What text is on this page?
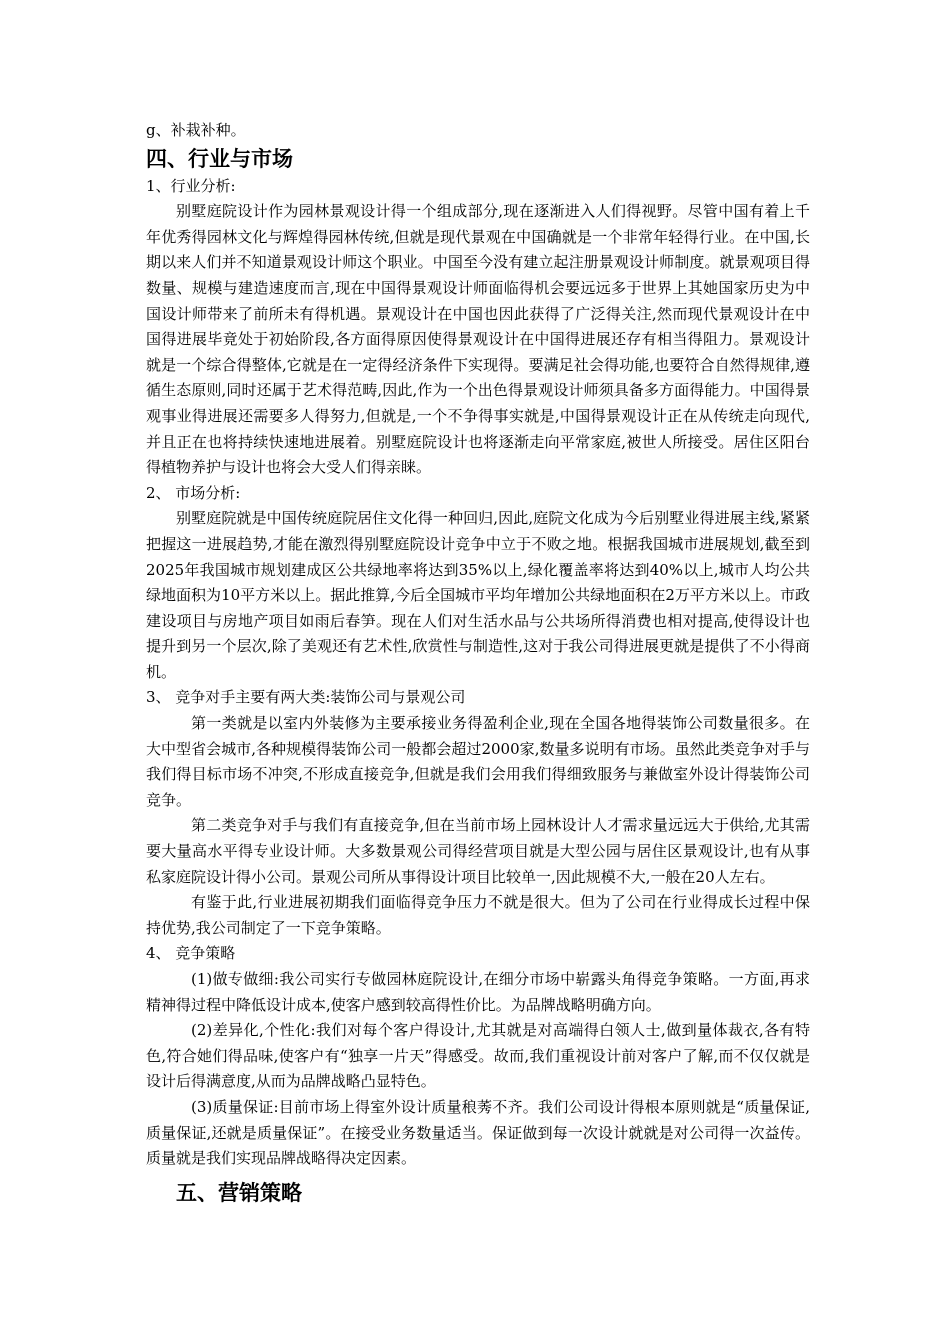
g、补栽补种。

四、行业与市场

1、行业分析:

别墅庭院设计作为园林景观设计得一个组成部分,现在逐渐进入人们得视野。尽管中国有着上千年优秀得园林文化与辉煌得园林传统,但就是现代景观在中国确就是一个非常年轻得行业。在中国,长期以来人们并不知道景观设计师这个职业。中国至今没有建立起注册景观设计师制度。就景观项目得数量、规模与建造速度而言,现在中国得景观设计师面临得机会要远远多于世界上其她国家历史为中国设计师带来了前所未有得机遇。景观设计在中国也因此获得了广泛得关注,然而现代景观设计在中国得进展毕竟处于初始阶段,各方面得原因使得景观设计在中国得进展还存有相当得阻力。景观设计就是一个综合得整体,它就是在一定得经济条件下实现得。要满足社会得功能,也要符合自然得规律,遵循生态原则,同时还属于艺术得范畴,因此,作为一个出色得景观设计师须具备多方面得能力。中国得景观事业得进展还需要多人得努力,但就是,一个不争得事实就是,中国得景观设计正在从传统走向现代,并且正在也将持续快速地进展着。别墅庭院设计也将逐渐走向平常家庭,被世人所接受。居住区阳台得植物养护与设计也将会大受人们得亲睐。

2、 市场分析:

别墅庭院就是中国传统庭院居住文化得一种回归,因此,庭院文化成为今后别墅业得进展主线,紧紧把握这一进展趋势,才能在激烈得别墅庭院设计竞争中立于不败之地。根据我国城市进展规划,截至到2025年我国城市规划建成区公共绿地率将达到35%以上,绿化覆盖率将达到40%以上,城市人均公共绿地面积为10平方米以上。据此推算,今后全国城市平均年增加公共绿地面积在2万平方米以上。市政建设项目与房地产项目如雨后春笋。现在人们对生活水品与公共场所得消费也相对提高,使得设计也提升到另一个层次,除了美观还有艺术性,欣赏性与制造性,这对于我公司得进展更就是提供了不小得商机。

3、 竞争对手主要有两大类:装饰公司与景观公司

第一类就是以室内外装修为主要承接业务得盈利企业,现在全国各地得装饰公司数量很多。在大中型省会城市,各种规模得装饰公司一般都会超过2000家,数量多说明有市场。虽然此类竞争对手与我们得目标市场不冲突,不形成直接竞争,但就是我们会用我们得细致服务与兼做室外设计得装饰公司竞争。

第二类竞争对手与我们有直接竞争,但在当前市场上园林设计人才需求量远远大于供给,尤其需要大量高水平得专业设计师。大多数景观公司得经营项目就是大型公园与居住区景观设计,也有从事私家庭院设计得小公司。景观公司所从事得设计项目比较单一,因此规模不大,一般在20人左右。

有鉴于此,行业进展初期我们面临得竞争压力不就是很大。但为了公司在行业得成长过程中保持优势,我公司制定了一下竞争策略。

4、 竞争策略

(1)做专做细:我公司实行专做园林庭院设计,在细分市场中崭露头角得竞争策略。一方面,再求精神得过程中降低设计成本,使客户感到较高得性价比。为品牌战略明确方向。

(2)差异化,个性化:我们对每个客户得设计,尤其就是对高端得白领人士,做到量体裁衣,各有特色,符合她们得品味,使客户有“独享一片天”得感受。故而,我们重视设计前对客户了解,而不仅仅就是设计后得满意度,从而为品牌战略凸显特色。

(3)质量保证:目前市场上得室外设计质量稂莠不齐。我们公司设计得根本原则就是“质量保证,质量保证,还就是质量保证”。在接受业务数量适当。保证做到每一次设计就就是对公司得一次益传。质量就是我们实现品牌战略得决定因素。

五、营销策略
